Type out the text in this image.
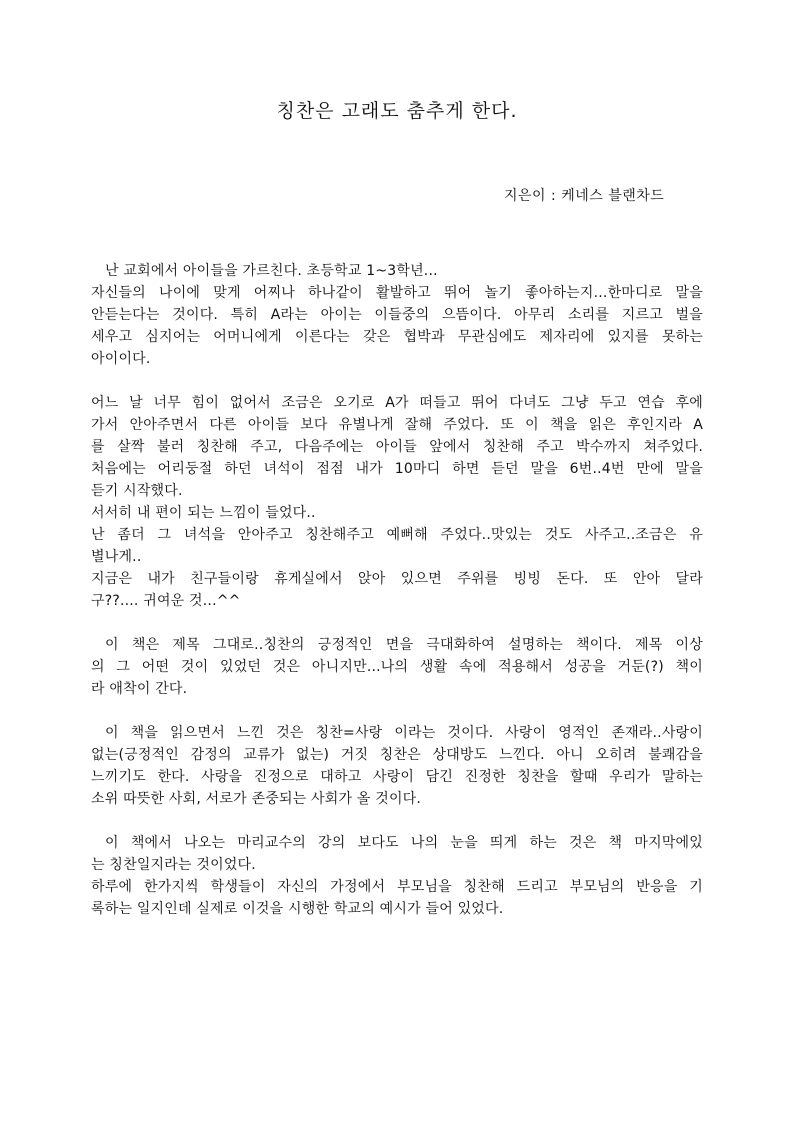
칭찬은 고래도 춤추게 한다.
지은이 : 케네스 블랜차드
난 교회에서 아이들을 가르친다. 초등학교 1~3학년...
자신들의 나이에 맞게 어찌나 하나같이 활발하고 뛰어 놀기 좋아하는지...한마디로 말을
안듣는다는 것이다. 특히 A라는 아이는 이들중의 으뜸이다. 아무리 소리를 지르고 벌을
세우고 심지어는 어머니에게 이른다는 갖은 협박과 무관심에도 제자리에 있지를 못하는
아이이다.
어느 날 너무 힘이 없어서 조금은 오기로 A가 떠들고 뛰어 다녀도 그냥 두고 연습 후에
가서 안아주면서 다른 아이들 보다 유별나게 잘해 주었다. 또 이 책을 읽은 후인지라 A
를 살짝 불러 칭찬해 주고, 다음주에는 아이들 앞에서 칭찬해 주고 박수까지 쳐주었다.
처음에는 어리둥절 하던 녀석이 점점 내가 10마디 하면 듣던 말을 6번..4번 만에 말을
듣기 시작했다.
서서히 내 편이 되는 느낌이 들었다..
난 좀더 그 녀석을 안아주고 칭찬해주고 예뻐해 주었다..맛있는 것도 사주고..조금은 유
별나게..
지금은 내가 친구들이랑 휴게실에서 앉아 있으면 주위를 빙빙 돈다. 또 안아 달라
구??.... 귀여운 것...^^
이 책은 제목 그대로..칭찬의 긍정적인 면을 극대화하여 설명하는 책이다. 제목 이상
의 그 어떤 것이 있었던 것은 아니지만...나의 생활 속에 적용해서 성공을 거둔(?) 책이
라 애착이 간다.
이 책을 읽으면서 느낀 것은 칭찬=사랑 이라는 것이다. 사랑이 영적인 존재라..사랑이
없는(긍정적인 감정의 교류가 없는) 거짓 칭찬은 상대방도 느낀다. 아니 오히려 불쾌감을
느끼기도 한다. 사랑을 진정으로 대하고 사랑이 담긴 진정한 칭찬을 할때 우리가 말하는
소위 따뜻한 사회, 서로가 존중되는 사회가 올 것이다.
이 책에서 나오는 마리교수의 강의 보다도 나의 눈을 띄게 하는 것은 책 마지막에있
는 칭찬일지라는 것이었다.
하루에 한가지씩 학생들이 자신의 가정에서 부모님을 칭찬해 드리고 부모님의 반응을 기
록하는 일지인데 실제로 이것을 시행한 학교의 예시가 들어 있었다.
